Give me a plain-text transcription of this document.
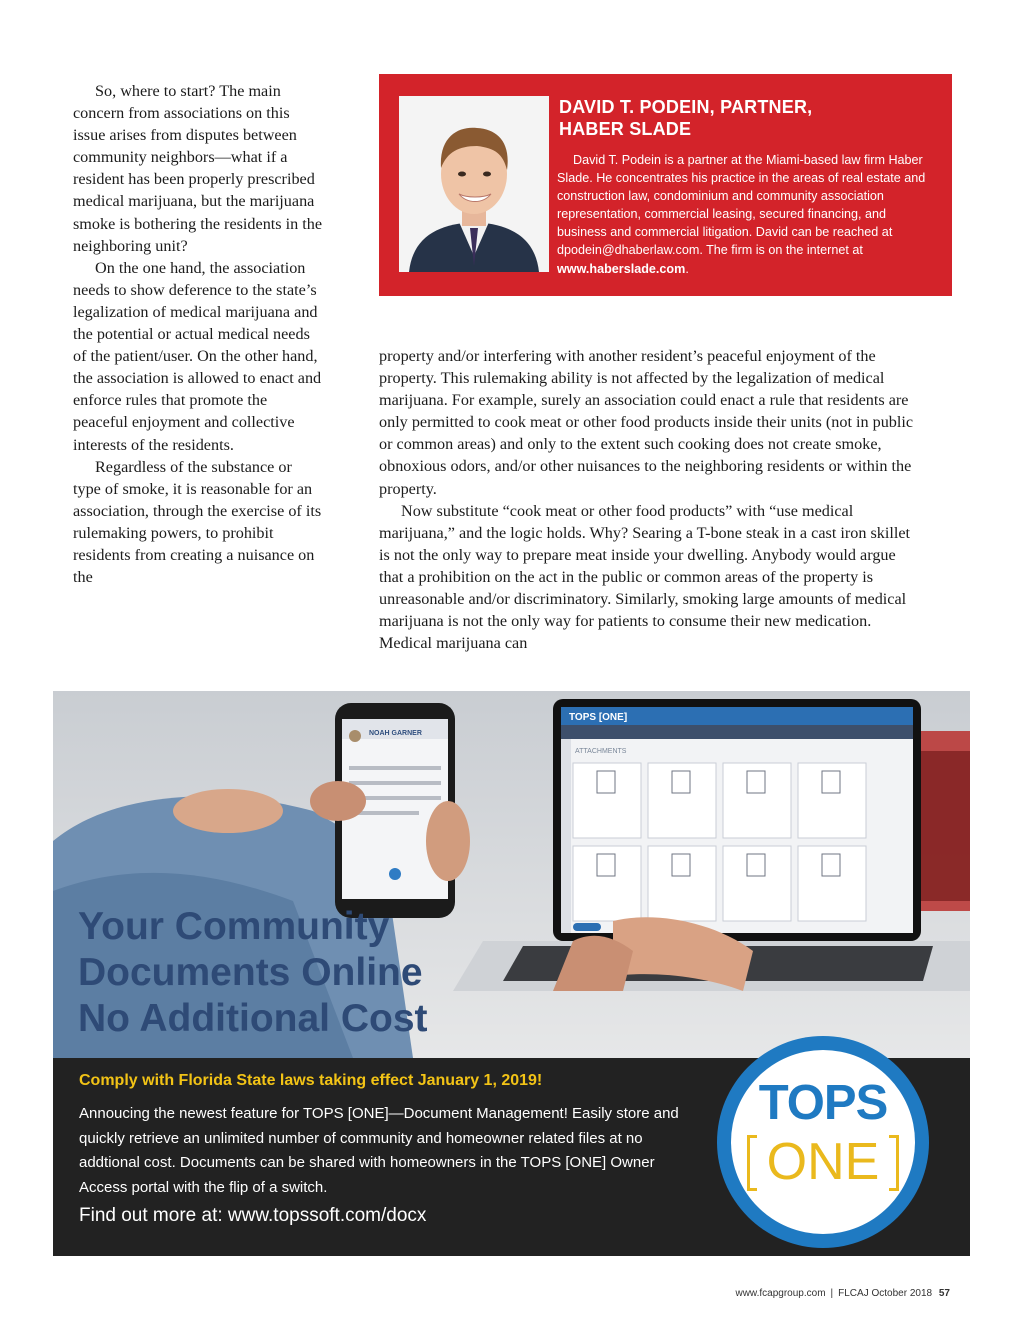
So, where to start? The main concern from associations on this issue arises from disputes between community neighbors—what if a resident has been properly prescribed medical marijuana, but the marijuana smoke is bothering the residents in the neighboring unit?

On the one hand, the association needs to show deference to the state’s legalization of medical marijuana and the potential or actual medical needs of the patient/user. On the other hand, the association is allowed to enact and enforce rules that promote the peaceful enjoyment and collective interests of the residents.

Regardless of the substance or type of smoke, it is reasonable for an association, through the exercise of its rulemaking powers, to prohibit residents from creating a nuisance on the

DAVID T. PODEIN, PARTNER,
HABER SLADE

David T. Podein is a partner at the Miami-based law firm Haber Slade. He concentrates his practice in the areas of real estate and construction law, condominium and community association representation, commercial leasing, secured financing, and business and commercial litigation. David can be reached at dpodein@dhaberlaw.com. The firm is on the internet at www.haberslade.com.

property and/or interfering with another resident’s peaceful enjoyment of the property. This rulemaking ability is not affected by the legalization of medical marijuana. For example, surely an association could enact a rule that residents are only permitted to cook meat or other food products inside their units (not in public or common areas) and only to the extent such cooking does not create smoke, obnoxious odors, and/or other nuisances to the neighboring residents or within the property.

Now substitute “cook meat or other food products” with “use medical marijuana,” and the logic holds. Why? Searing a T-bone steak in a cast iron skillet is not the only way to prepare meat inside your dwelling. Anybody would argue that a prohibition on the act in the public or common areas of the property is unreasonable and/or discriminatory. Similarly, smoking large amounts of medical marijuana is not the only way for patients to consume their new medication. Medical marijuana can

NOAH GARNER
TOPS [ONE]
ATTACHMENTS
Your Community
Documents Online
No Additional Cost
Comply with Florida State laws taking effect January 1, 2019!
Annoucing the newest feature for TOPS [ONE]—Document Management! Easily store and quickly retrieve an unlimited number of community and homeowner related files at no addtional cost. Documents can be shared with homeowners in the TOPS [ONE] Owner Access portal with the flip of a switch.
Find out more at: www.topssoft.com/docx
TOPS
ONE
www.fcapgroup.com | FLCAJ October 2018 57
